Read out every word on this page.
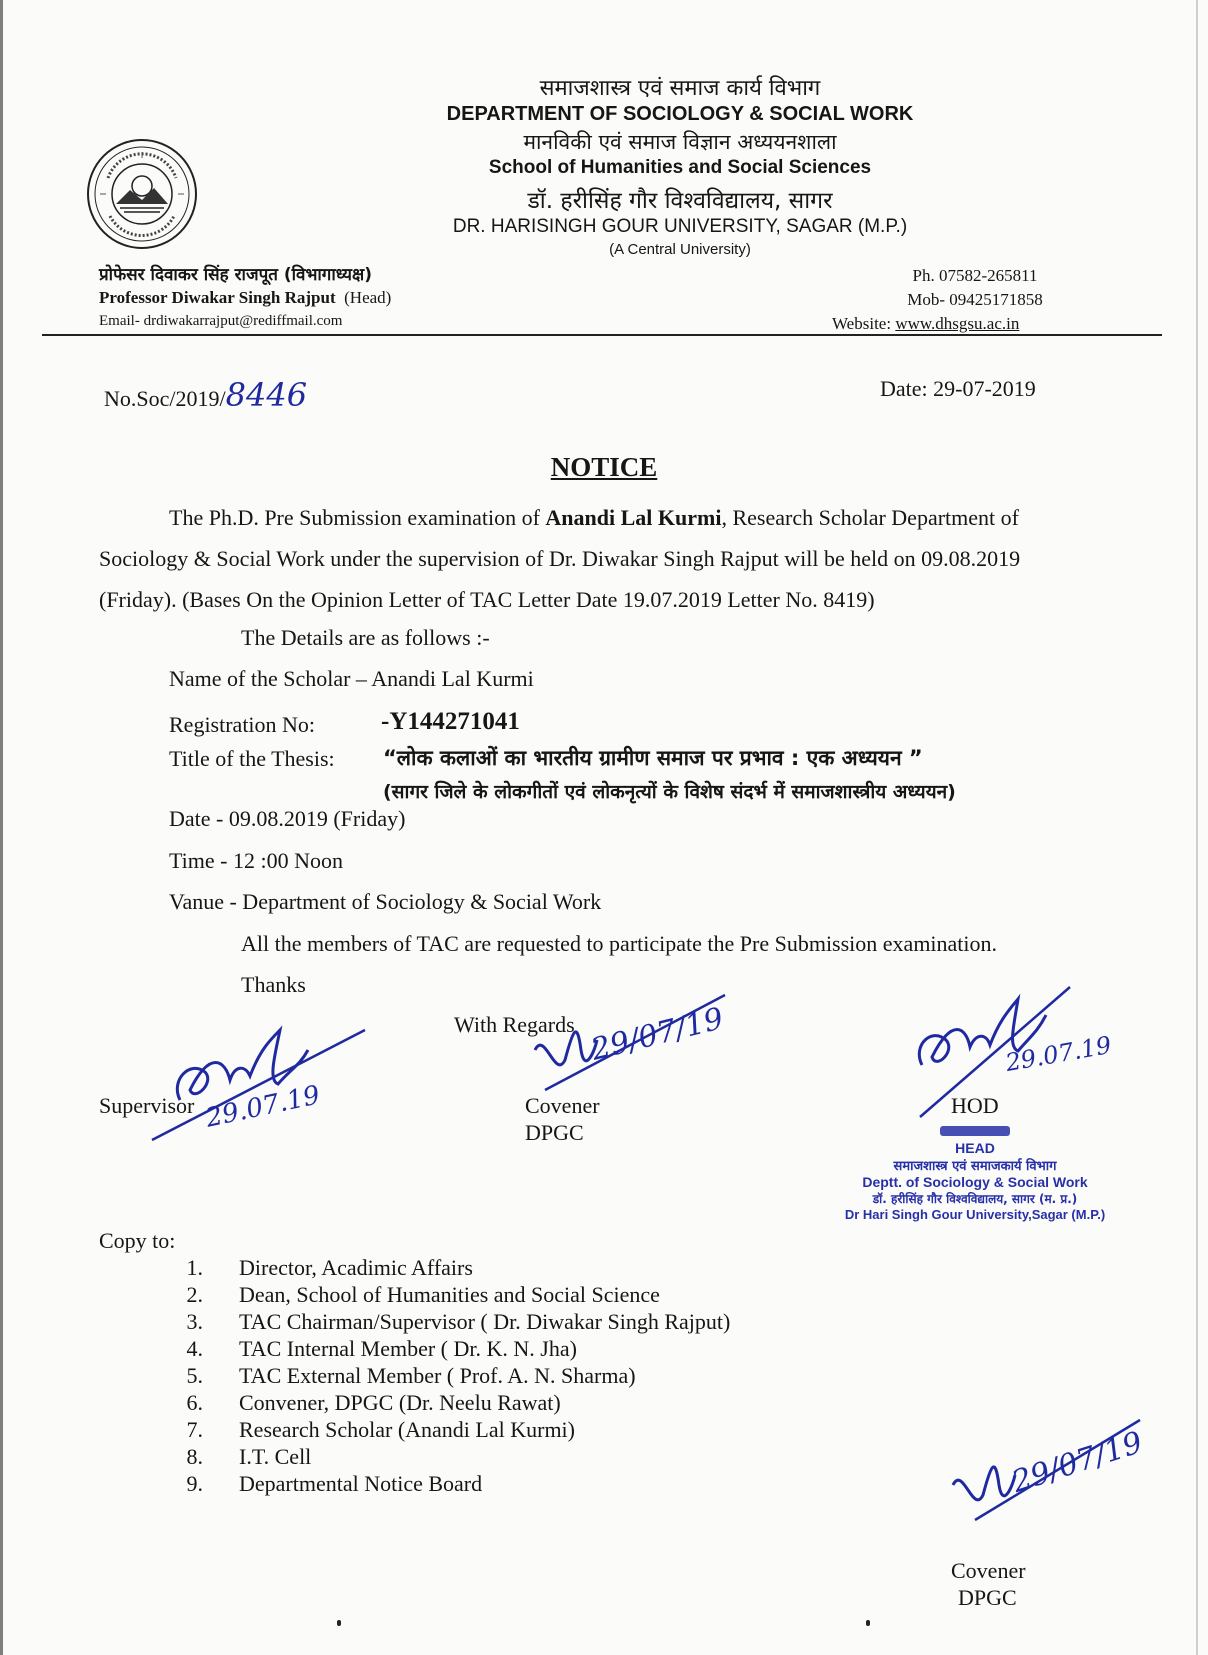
समाजशास्त्र एवं समाज कार्य विभाग
DEPARTMENT OF SOCIOLOGY & SOCIAL WORK
मानविकी एवं समाज विज्ञान अध्ययनशाला
School of Humanities and Social Sciences
डॉ. हरीसिंह गौर विश्वविद्यालय, सागर
DR. HARISINGH GOUR UNIVERSITY, SAGAR (M.P.)
(A Central University)
प्रोफेसर दिवाकर सिंह राजपूत (विभागाध्यक्ष)
Professor Diwakar Singh Rajput (Head)
Email- drdiwakarrajput@rediffmail.com
Ph. 07582-265811
Mob- 09425171858
Website: www.dhsgsu.ac.in
No.Soc/2019/8446	Date: 29-07-2019
NOTICE
The Ph.D. Pre Submission examination of Anandi Lal Kurmi, Research Scholar Department of Sociology & Social Work under the supervision of Dr. Diwakar Singh Rajput will be held on 09.08.2019 (Friday). (Bases On the Opinion Letter of TAC Letter Date 19.07.2019 Letter No. 8419)
The Details are as follows :-
Name of the Scholar – Anandi Lal Kurmi
Registration No:	-Y144271041
Title of the Thesis: “लोक कलाओं का भारतीय ग्रामीण समाज पर प्रभाव : एक अध्ययन ”
(सागर जिले के लोकगीतों एवं लोकनृत्यों के विशेष संदर्भ में समाजशास्त्रीय अध्ययन)
Date - 09.08.2019 (Friday)
Time - 12 :00 Noon
Vanue - Department of Sociology & Social Work
All the members of TAC are requested to participate the Pre Submission examination.
Thanks
With Regards
Supervisor 29.07.19
29/07/19
Covener
DPGC
29.07.19
HOD
HEAD
समाजशास्त्र एवं समाजकार्य विभाग
Deptt. of Sociology & Social Work
डॉ. हरीसिंह गौर विश्वविद्यालय, सागर (म. प्र.)
Dr Hari Singh Gour University,Sagar (M.P.)
Copy to:
1.	Director, Acadimic Affairs
2.	Dean, School of Humanities and Social Science
3.	TAC Chairman/Supervisor ( Dr. Diwakar Singh Rajput)
4.	TAC Internal Member ( Dr. K. N. Jha)
5.	TAC External Member ( Prof. A. N. Sharma)
6.	Convener, DPGC (Dr. Neelu Rawat)
7.	Research Scholar (Anandi Lal Kurmi)
8.	I.T. Cell
9.	Departmental Notice Board	29/07/19
Covener
DPGC
